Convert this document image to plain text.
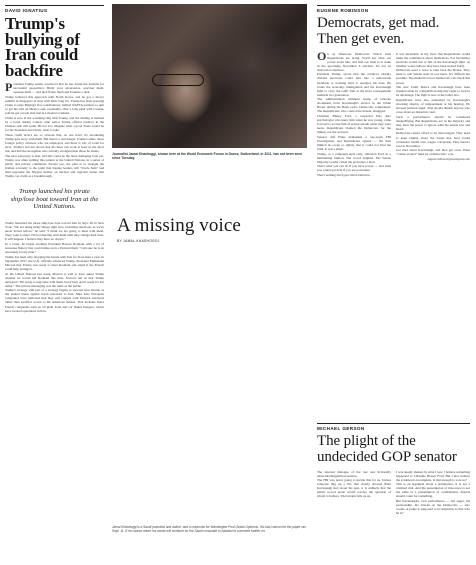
DAVID IGNATIUS
Trump's bullying of Iran could backfire

President Trump seems convinced that he has found the formula for successful geopolitics: Bully your adversaries, sanction them, squeeze them — and then flatter them and Promise a deal.

Trump believed this approach with North Korea, and he got a showy summit in Singapore in June with Kim Jong Un. Trump has been pressing China to raise Beijing's flat contributions; bullied NAFTA partners to quit or get his will on Mexico and, eventually, after a long push with Canada, said he got a trade deal that is a modest overhaul.

China is now in the wrestling ring with Trump, and the dealing is marked by a tweet during contest. One senior Trump official predicts in the Chinese side will settle. Be not it to imagine what a good Trade would be for the President and China, what to take.

These credit tactics are so obvious that, on one level, it's astounding Trump gets away with them. But there's a real danger. Trump's allies, those foreign policy advisers who are employed, and there is lots of room for error. Trump's success shows that his lines can work at least in the short run, and that the strongman who actually strongest than those he taunts.

The next adversary is Iran, and this could be the most damaging bout yet. Trump was often spilling this pattern at the United Nations, in a series of public and private comments. Except yes, the plan is to strangle the Iranian economy to the point that Iranian leaders will "Uncle Sam" and then negotiate the Nippon further on nuclear and regional issues that Trump can claim as a breakthrough.

Trump launched his pirate ship/lose boat toward Iran at the United Nations.

Trump launched his pirate ship-lose boat toward Iran in Sept. 26 in New York. "We are doing many things right now, including sanctions, as we've never levied before," he said. "I think we are going to meet with them. They want to meet. I'm not meeting with them until they change their tune. It will happen. I believe they have no choice."

In a tweet, he began stroking President Hassan Rouhani with a lot of nonsense flattery that could make even a Persian blush: "I am sure he is an absolutely lovely man."

Trump has been only dropping his hassle with Iran for more than a year. In September 2017, the U.N. officials advanced Trump, President Emmanuel Macron that Trump was ready to meet Rouhani and asked if the French could help arrange it.

At the United Nations last week, Macron is said to have asked Trump whether he would tell Rouhani this time. Sources tell us that Trump answered "I'm ready to negotiate with them, but if they aren't ready it's not either." The private messaging was the same as the public.

Trump's strategy with part of a strategy begins to succeed next month, as the United States applies harsh sanctions to Iran. Nike Iran; European companies have indicated that they will comply with Western sanctions rather than sacrifice access to the American market. That includes Iran's French companies such as oil giant Total and car maker Peugeot, which have located operations in Iran.

Journalist Jamal Khashoggi, shown here at the World Economic Forum in Davos, Switzerland, in 2011, has not been seen since Tuesday.
A missing voice
BY JAMAL KHASHOGGI

Saudi Arabian journalist Jamal Khashoggi walked into the Saudi consulate in Istanbul on Tuesday to obtain documents and has not been seen since. Turkish officials believe he was killed inside. The Saudis insist he left the building.

Jamal Khashoggi is a Saudi journalist and author, and a columnist for Washington Post Global Opinions. His last column for the paper ran Sept. 11. If he cannot return his words will continue on the Saudi consulate in Istanbul to comment further on.
EUGENE ROBINSON
Democrats, get mad. Then get even.

On ay afternoon, Democrats. Watch what Republicans are doing. You'll see what our power looks like, and find out what is at stake in the upcoming November 6 election. It's not an abstraction anymore.

President Trump, aware that the country's sharply divided electorate could turn into a nationwide backlash, is working hard to energize his base. He wants the economy, immigration and the Kavanaugh fight to carry the GOP. This is the most consequential midterm in a generation.

The administration withheld reams of relevant documents from Kavanaugh's service in the White House during the Bush years. Democrats complained. The Republicans, who control the Senate, shrugged.

Christine Blasey Ford, a respected Palo Alto psychologist who knew him when he was young, came forward to accuse him of sexual assault when they were teens. Republicans blamed the Democrats for the timing, not the accused.

Senator Jeff Flake demanded a one-week FBI investigation, and Republicans agreed — but then limited its scope so tightly that it could not find the truth. It was a sham.

Trump, at a campaign-style rally, ridiculed Ford in a humiliating fashion. The crowd laughed. The Senate Majority Leader called the protesters a mob.

That's what you can do if you have power — and what you cannot prevent if you are powerless.

That's nothing but hypocritical behavior.

It was inevitable, in my view, that Republicans would make the nomination about themselves. For November elections would rise or fall on the Kavanaugh fight, on whether voters believe they have been treated fairly.

Democrats need a wave to take back the House. They need to win Senate seats in red states. It's difficult but possible. The midterm is how Democrats can check this power.

The new Chief Justice and Kavanaugh have been brushed aside by a Republican majority eager to lock in its advantage. The fight is now at the ballot box.

Republicans were also unmasked by Kavanaugh's shocking display of temperament at his hearing. He showed partisan anger. That should disturb anyone who cares about an impartial court.

Such a performance should be considered disqualifying. But Republicans are in the majority and they have the power to ignore what the nation saw and heard.

Democrats cannot afford to be discouraged. They need to keep talking about the issues that have found consensus: health care, wages, corruption. They need to vote in November.

Get mad about Kavanaugh, and then get even. What "comes around" must be a Democratic vote.

eugenerobinson@washpost.com
MICHAEL GERSON
The plight of the undecided GOP senator

The internal dialogue of the last and fictionally undecided Republican senator.

The FBI was never going to decide this for us. Unless someone dug up a file that clearly showed Brett Kavanaugh lied about his past, it is unlikely that the public record alone would resolve the question of whom to believe. The burden falls on us.

I was deeply shaken by what I saw. I believe something happened to Christine Blasey Ford. But I also believe the evidence is incomplete. Is that enough to vote no?

This is an argument about a nomination. It is not a criminal trial. And the presumption of innocence is not the same as a presumption of confirmation. Doubts should count for something.

But Kavanaugh's own performance — his anger, his partisanship, his attacks on the Democrats — also counts. A judge is supposed to be impartial. Is that who he is?
